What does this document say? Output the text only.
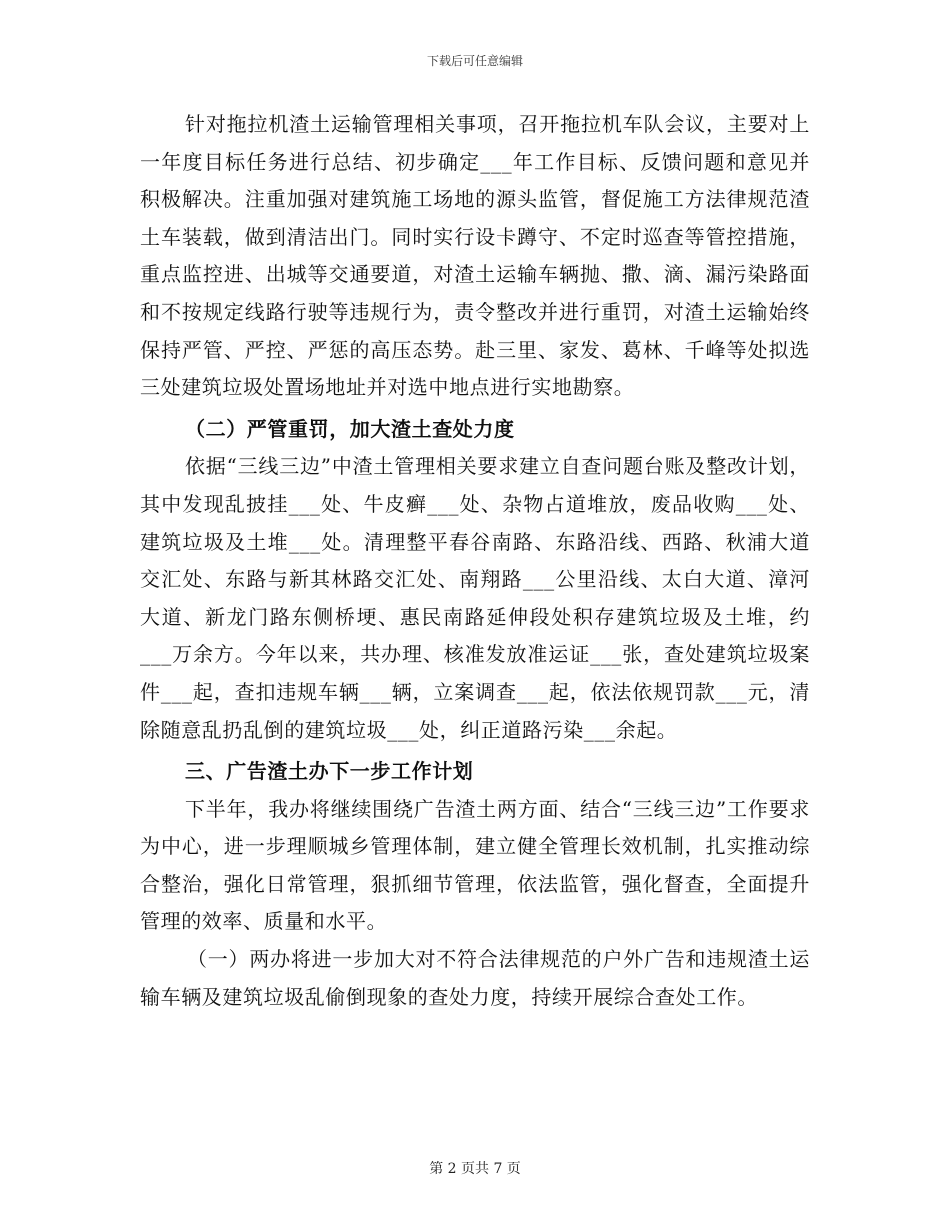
下载后可任意编辑

针对拖拉机渣土运输管理相关事项，召开拖拉机车队会议，主要对上一年度目标任务进行总结、初步确定___年工作目标、反馈问题和意见并积极解决。注重加强对建筑施工场地的源头监管，督促施工方法律规范渣土车装载，做到清洁出门。同时实行设卡蹲守、不定时巡查等管控措施，重点监控进、出城等交通要道，对渣土运输车辆抛、撒、滴、漏污染路面和不按规定线路行驶等违规行为，责令整改并进行重罚，对渣土运输始终保持严管、严控、严惩的高压态势。赴三里、家发、葛林、千峰等处拟选三处建筑垃圾处置场地址并对选中地点进行实地勘察。

（二）严管重罚，加大渣土查处力度

依据“三线三边”中渣土管理相关要求建立自查问题台账及整改计划，其中发现乱披挂___处、牛皮癣___处、杂物占道堆放，废品收购___处、建筑垃圾及土堆___处。清理整平春谷南路、东路沿线、西路、秋浦大道交汇处、东路与新其林路交汇处、南翔路___公里沿线、太白大道、漳河大道、新龙门路东侧桥埂、惠民南路延伸段处积存建筑垃圾及土堆，约___万余方。今年以来，共办理、核准发放准运证___张，查处建筑垃圾案件___起，查扣违规车辆___辆，立案调查___起，依法依规罚款___元，清除随意乱扔乱倒的建筑垃圾___处，纠正道路污染___余起。

三、广告渣土办下一步工作计划

下半年，我办将继续围绕广告渣土两方面、结合“三线三边”工作要求为中心，进一步理顺城乡管理体制，建立健全管理长效机制，扎实推动综合整治，强化日常管理，狠抓细节管理，依法监管，强化督查，全面提升管理的效率、质量和水平。

（一）两办将进一步加大对不符合法律规范的户外广告和违规渣土运输车辆及建筑垃圾乱偷倒现象的查处力度，持续开展综合查处工作。

第 2 页共 7 页
